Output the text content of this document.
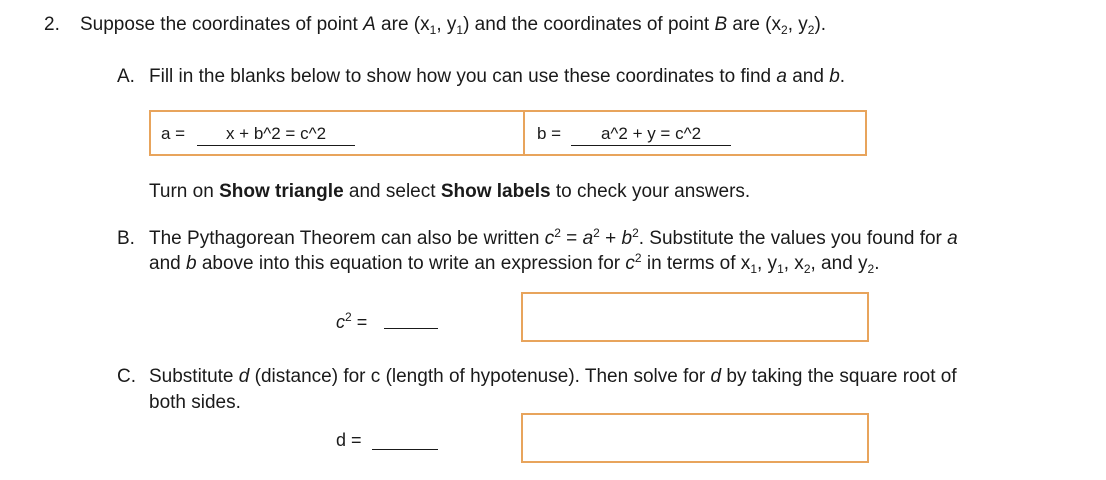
2. Suppose the coordinates of point A are ($x_1$, $y_1$) and the coordinates of point B are ($x_2$, $y_2$).
A. Fill in the blanks below to show how you can use these coordinates to find a and b.
a =	x + b^2 = c^2	b =	a^2 + y = c^2
Turn on Show triangle and select Show labels to check your answers.
B. The Pythagorean Theorem can also be written $c^2 = a^2 + b^2$. Substitute the values you found for a
and b above into this equation to write an expression for $c^2$ in terms of $x_1$, $y_1$, $x_2$, and $y_2$.
$c^2$ =
C. Substitute d (distance) for c (length of hypotenuse). Then solve for d by taking the square root of
both sides.
d =
